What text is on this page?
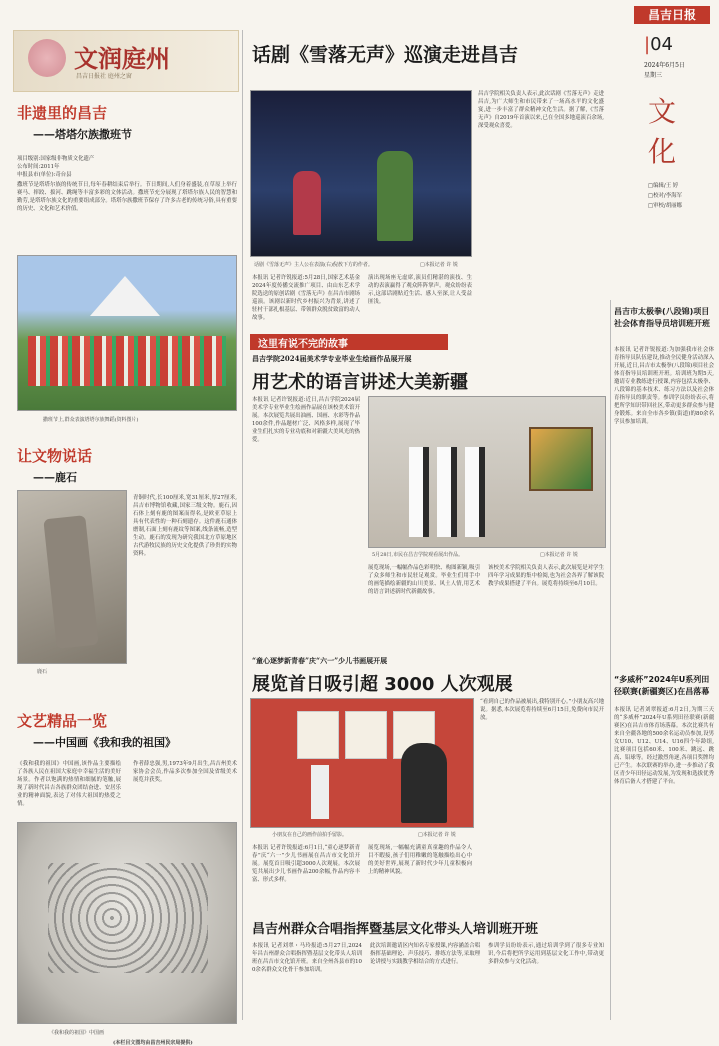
文润庭州
昌吉日报社 庭州之窗
非遗里的昌吉
——塔塔尔族撒班节
项目级别:国家级非物质文化遗产
公布时间:2011年
申报县市(单位):奇台县
撒班节是塔塔尔族的传统节日,每年春耕结束后举行。节日期间,人们身着盛装,在草原上举行赛马、摔跤、拔河、跳绳等丰富多彩的文体活动。撒班节充分展现了塔塔尔族人民的智慧和勤劳,是塔塔尔族文化的重要组成部分。塔塔尔族撒班节保存了许多古老的传统习俗,具有重要的历史、文化和艺术价值。
撒班节上,群众表演塔塔尔族舞蹈(资料图片)
让文物说话
——鹿石
鹿石
青铜时代,长100厘米,宽31厘米,厚27厘米,昌吉市博物馆收藏,国家三级文物。鹿石,因石体上刻有鹿的图案而得名,是欧亚草原上具有代表性的一种石刻遗存。这件鹿石通体磨制,石面上刻有鹿纹等图案,线条流畅,造型生动。鹿石的发现为研究我国北方草原地区古代游牧民族的历史文化提供了珍贵的实物资料。
文艺精品一览
——中国画《我和我的祖国》
《我和我的祖国》中国画,该作品主要描绘了各族人民在祖国大家庭中幸福生活的美好场景。作者以饱满的热情和细腻的笔触,展现了新时代昌吉各族群众团结奋进、安居乐业的精神面貌,表达了对伟大祖国的热爱之情。
作者薛忠强,男,1973年9月出生,昌吉州美术家协会会员,作品多次参加全国及省级美术展览并获奖。
《我和我的祖国》中国画
(本栏目文图均由昌吉州民宗局提供)
话剧《雪落无声》巡演走进昌吉
话剧《雪落无声》主人公在表演(右)倪敖下方的作者。	□本报记者 许 锐
本报讯 记者许锐报道:5月28日,国家艺术基金2024年度传播交流推广项目、由山东艺术学院选送的原创话剧《雪落无声》在昌吉市剧场巡演。该剧以新时代乡村振兴为背景,讲述了驻村干部扎根基层、带领群众脱贫致富的动人故事。
演出现场座无虚席,演员们精湛的演技、生动的表演赢得了观众阵阵掌声。观众纷纷表示,这部话剧贴近生活、感人至深,让人受益匪浅。
昌吉学院相关负责人表示,此次话剧《雪落无声》走进昌吉,为广大师生和市民带来了一场高水平的文化盛宴,进一步丰富了群众精神文化生活。据了解,《雪落无声》自2019年首演以来,已在全国多地巡演百余场,深受观众喜爱。
这里有说不完的故事
昌吉学院2024届美术学专业毕业生绘画作品展开展
用艺术的语言讲述大美新疆
本报讯 记者许锐报道:近日,昌吉学院2024届美术学专业毕业生绘画作品展在该校美术馆开展。本次展览共展出油画、国画、水彩等作品100余件,作品题材广泛、风格多样,展现了毕业生们扎实的专业功底和对新疆大美风光的热爱。
5月28日,市民在昌吉学院观看展出作品。	□本报记者 许 锐
展览现场,一幅幅作品色彩明快、构图新颖,吸引了众多师生和市民驻足观赏。毕业生们用手中的画笔描绘新疆的山川美景、风土人情,用艺术的语言讲述新时代新疆故事。
该校美术学院相关负责人表示,此次展览是对学生四年学习成果的集中检阅,也为社会各界了解该院教学成果搭建了平台。展览将持续至6月10日。
“童心逐梦新青春”庆“六一”少儿书画展开展
展览首日吸引超 3000 人次观展
小朋友在自己的画作前拍手留影。	□本报记者 许 锐
本报讯 记者许锐报道:6月1日,“童心逐梦新青春”庆“六一”少儿书画展在昌吉市文化馆开展。展览首日吸引超3000人次观展。本次展览共展出少儿书画作品200余幅,作品内容丰富、形式多样。
展览现场,一幅幅充满童真童趣的作品令人目不暇接,孩子们用稚嫩的笔触描绘出心中的美好世界,展现了新时代少年儿童积极向上的精神风貌。
“看到自己的作品被展出,我特别开心。”小朋友高兴地说。据悉,本次展览将持续至6月15日,免费向市民开放。
昌吉州群众合唱指挥暨基层文化带头人培训班开班
本报讯 记者刘翠・马玲报道:5月27日,2024年昌吉州群众合唱指挥暨基层文化带头人培训班在昌吉市文化馆开班。来自全州各县市的100余名群众文化骨干参加培训。
此次培训邀请区内知名专家授课,内容涵盖合唱指挥基础理论、声乐技巧、排练方法等,采取理论讲授与实践教学相结合的方式进行。
参训学员纷纷表示,通过培训学到了很多专业知识,今后将把所学运用到基层文化工作中,带动更多群众参与文化活动。
昌吉日报
|04
2024年6月5日
星期三
文化
□编辑/王 婷
□校对/李海军
□审校/胡丽娜
昌吉市太极拳(八段锦)项目社会体育指导员培训班开班
本报讯 记者许锐报道:为加强我市社会体育指导员队伍建设,推动全民健身活动深入开展,近日,昌吉市太极拳(八段锦)项目社会体育指导员培训班开班。培训班为期5天,邀请专业教练进行授课,内容包括太极拳、八段锦的基本技术、练习方法以及社会体育指导员的职责等。参训学员纷纷表示,将把所学知识带回社区,带动更多群众参与健身锻炼。来自全市各乡镇(街道)的80余名学员参加培训。
“多威杯”2024年U系列田径联赛(新疆赛区)在昌落幕
本报讯 记者刘翠报道:6月2日,为期三天的“多威杯”2024年U系列田径联赛(新疆赛区)在昌吉市体育场落幕。本次比赛共有来自全疆各地的500余名运动员参加,设男女U10、U12、U14、U16四个年龄组,比赛项目包括60米、100米、跳远、跳高、铅球等。经过激烈角逐,各项目奖牌均已产生。本次联赛的举办,进一步推动了我区青少年田径运动发展,为发现和选拔优秀体育后备人才搭建了平台。
